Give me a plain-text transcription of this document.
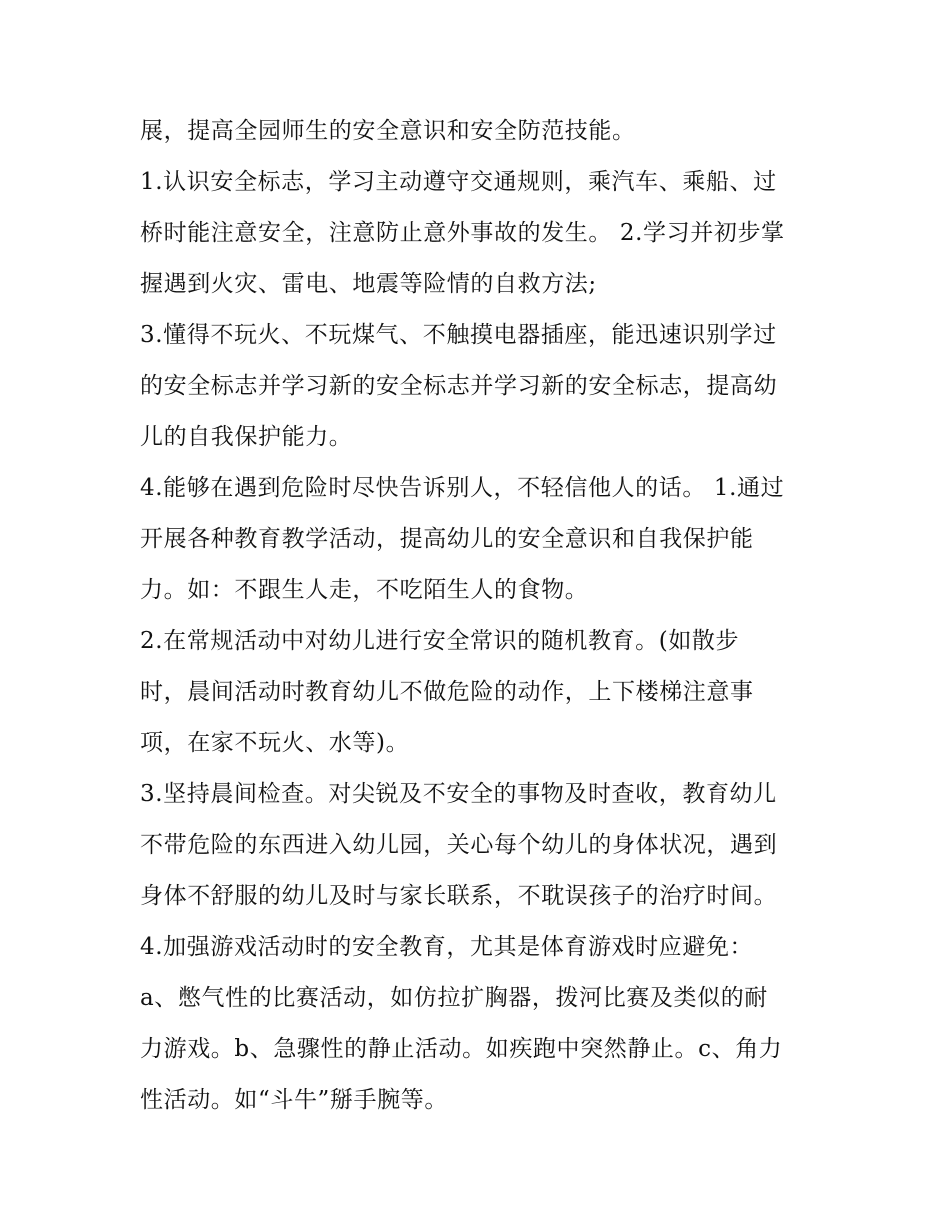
展，提高全园师生的安全意识和安全防范技能。
1.认识安全标志，学习主动遵守交通规则，乘汽车、乘船、过
桥时能注意安全，注意防止意外事故的发生。 2.学习并初步掌
握遇到火灾、雷电、地震等险情的自救方法;
3.懂得不玩火、不玩煤气、不触摸电器插座，能迅速识别学过
的安全标志并学习新的安全标志并学习新的安全标志，提高幼
儿的自我保护能力。
4.能够在遇到危险时尽快告诉别人，不轻信他人的话。 1.通过
开展各种教育教学活动，提高幼儿的安全意识和自我保护能
力。如：不跟生人走，不吃陌生人的食物。
2.在常规活动中对幼儿进行安全常识的随机教育。(如散步
时，晨间活动时教育幼儿不做危险的动作，上下楼梯注意事
项，在家不玩火、水等)。
3.坚持晨间检查。对尖锐及不安全的事物及时查收，教育幼儿
不带危险的东西进入幼儿园，关心每个幼儿的身体状况，遇到
身体不舒服的幼儿及时与家长联系，不耽误孩子的治疗时间。
4.加强游戏活动时的安全教育，尤其是体育游戏时应避免：
a、憋气性的比赛活动，如仿拉扩胸器，拨河比赛及类似的耐
力游戏。b、急骤性的静止活动。如疾跑中突然静止。c、角力
性活动。如“斗牛”掰手腕等。
